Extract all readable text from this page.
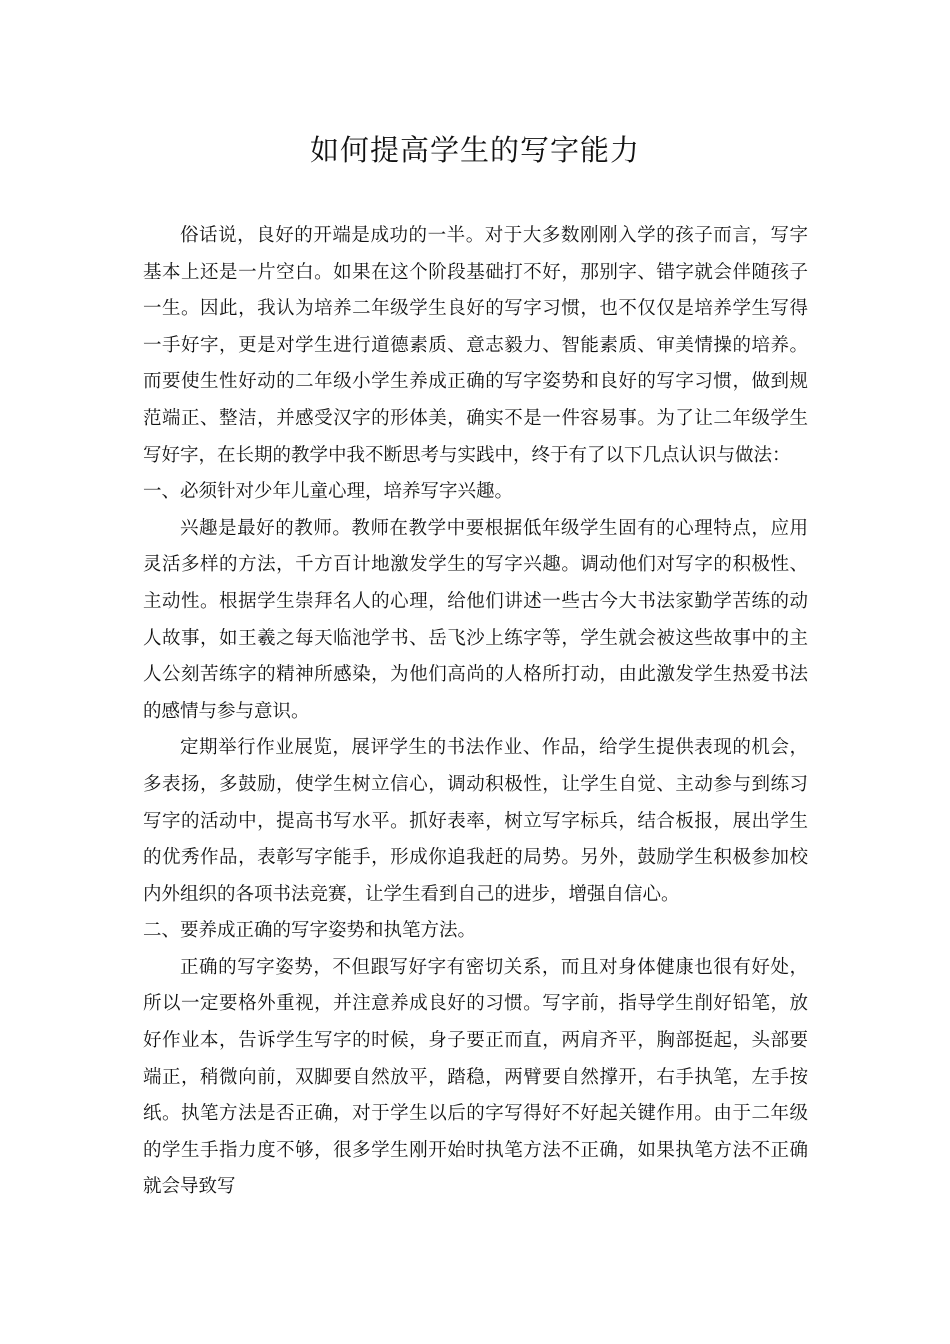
如何提高学生的写字能力

俗话说，良好的开端是成功的一半。对于大多数刚刚入学的孩子而言，写字基本上还是一片空白。如果在这个阶段基础打不好，那别字、错字就会伴随孩子一生。因此，我认为培养二年级学生良好的写字习惯，也不仅仅是培养学生写得一手好字，更是对学生进行道德素质、意志毅力、智能素质、审美情操的培养。而要使生性好动的二年级小学生养成正确的写字姿势和良好的写字习惯，做到规范端正、整洁，并感受汉字的形体美，确实不是一件容易事。为了让二年级学生写好字，在长期的教学中我不断思考与实践中，终于有了以下几点认识与做法：

一、必须针对少年儿童心理，培养写字兴趣。

兴趣是最好的教师。教师在教学中要根据低年级学生固有的心理特点，应用灵活多样的方法，千方百计地激发学生的写字兴趣。调动他们对写字的积极性、主动性。根据学生崇拜名人的心理，给他们讲述一些古今大书法家勤学苦练的动人故事，如王羲之每天临池学书、岳飞沙上练字等，学生就会被这些故事中的主人公刻苦练字的精神所感染，为他们高尚的人格所打动，由此激发学生热爱书法的感情与参与意识。

定期举行作业展览，展评学生的书法作业、作品，给学生提供表现的机会，多表扬，多鼓励，使学生树立信心，调动积极性，让学生自觉、主动参与到练习写字的活动中，提高书写水平。抓好表率，树立写字标兵，结合板报，展出学生的优秀作品，表彰写字能手，形成你追我赶的局势。另外，鼓励学生积极参加校内外组织的各项书法竞赛，让学生看到自己的进步，增强自信心。

二、要养成正确的写字姿势和执笔方法。

正确的写字姿势，不但跟写好字有密切关系，而且对身体健康也很有好处，所以一定要格外重视，并注意养成良好的习惯。写字前，指导学生削好铅笔，放好作业本，告诉学生写字的时候，身子要正而直，两肩齐平，胸部挺起，头部要端正，稍微向前，双脚要自然放平，踏稳，两臂要自然撑开，右手执笔，左手按纸。执笔方法是否正确，对于学生以后的字写得好不好起关键作用。由于二年级的学生手指力度不够，很多学生刚开始时执笔方法不正确，如果执笔方法不正确就会导致写
